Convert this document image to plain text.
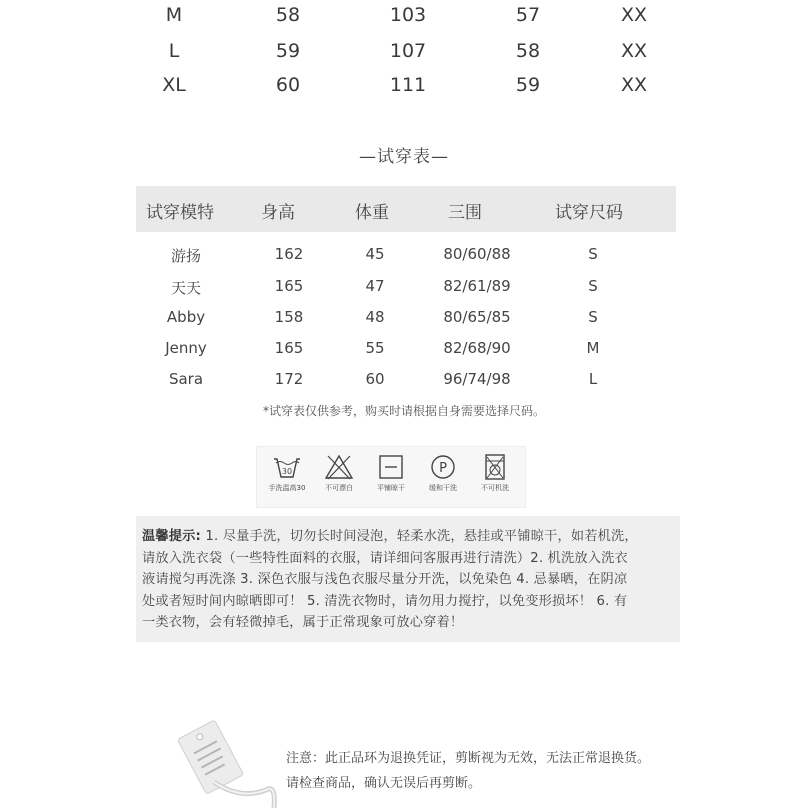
M	58	103	57	XX
L	59	107	58	XX
XL	60	111	59	XX
—试穿表—
试穿模特	身高	体重	三围	试穿尺码
游扬	162	45	80/60/88	S
天天	165	47	82/61/89	S
Abby	158	48	80/65/85	S
Jenny	165	55	82/68/90	M
Sara	172	60	96/74/98	L
*试穿表仅供参考，购买时请根据自身需要选择尺码。
30
手洗温高30	不可漂白	平铺晾干
P
缓和干洗	不可机洗
温馨提示: 1. 尽量手洗，切勿长时间浸泡，轻柔水洗，悬挂或平铺晾干，如若机洗，
请放入洗衣袋（一些特性面料的衣服，请详细问客服再进行清洗）2. 机洗放入洗衣
液请搅匀再洗涤 3. 深色衣服与浅色衣服尽量分开洗，以免染色 4. 忌暴晒，在阴凉
处或者短时间内晾晒即可！ 5. 清洗衣物时，请勿用力搅拧，以免变形损坏！ 6. 有
一类衣物，会有轻微掉毛，属于正常现象可放心穿着！
注意：此正品环为退换凭证，剪断视为无效，无法正常退换货。
请检查商品，确认无误后再剪断。
